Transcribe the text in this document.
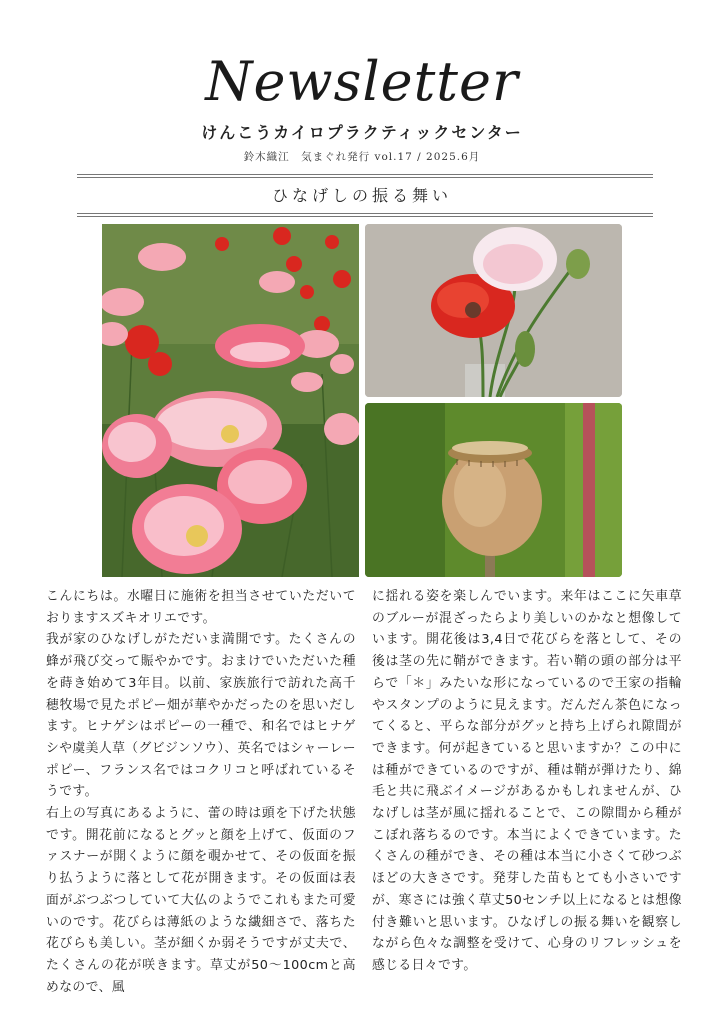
Newsletter
けんこうカイロプラクティックセンター
鈴木織江　気まぐれ発行 vol.17 / 2025.6月
ひなげしの振る舞い

こんにちは。水曜日に施術を担当させていただいておりますスズキオリエです。

我が家のひなげしがただいま満開です。たくさんの蜂が飛び交って賑やかです。おまけでいただいた種を蒔き始めて3年目。以前、家族旅行で訪れた高千穂牧場で見たポピー畑が華やかだったのを思いだします。ヒナゲシはポピーの一種で、和名ではヒナゲシや虞美人草（グビジンソウ）、英名ではシャーレーポピー、フランス名ではコクリコと呼ばれているそうです。

右上の写真にあるように、蕾の時は頭を下げた状態です。開花前になるとグッと顔を上げて、仮面のファスナーが開くように顔を覗かせて、その仮面を振り払うように落として花が開きます。その仮面は表面がぶつぶつしていて大仏のようでこれもまた可愛いのです。花びらは薄紙のような繊細さで、落ちた花びらも美しい。茎が細くか弱そうですが丈夫で、たくさんの花が咲きます。草丈が50〜100cmと高めなので、風

に揺れる姿を楽しんでいます。来年はここに矢車草のブルーが混ざったらより美しいのかなと想像しています。開花後は3,4日で花びらを落として、その後は茎の先に鞘ができます。若い鞘の頭の部分は平らで「＊」みたいな形になっているので王家の指輪やスタンプのように見えます。だんだん茶色になってくると、平らな部分がグッと持ち上げられ隙間ができます。何が起きていると思いますか？この中には種ができているのですが、種は鞘が弾けたり、綿毛と共に飛ぶイメージがあるかもしれませんが、ひなげしは茎が風に揺れることで、この隙間から種がこぼれ落ちるのです。本当によくできています。たくさんの種ができ、その種は本当に小さくて砂つぶほどの大きさです。発芽した苗もとても小さいですが、寒さには強く草丈50センチ以上になるとは想像付き難いと思います。ひなげしの振る舞いを観察しながら色々な調整を受けて、心身のリフレッシュを感じる日々です。
